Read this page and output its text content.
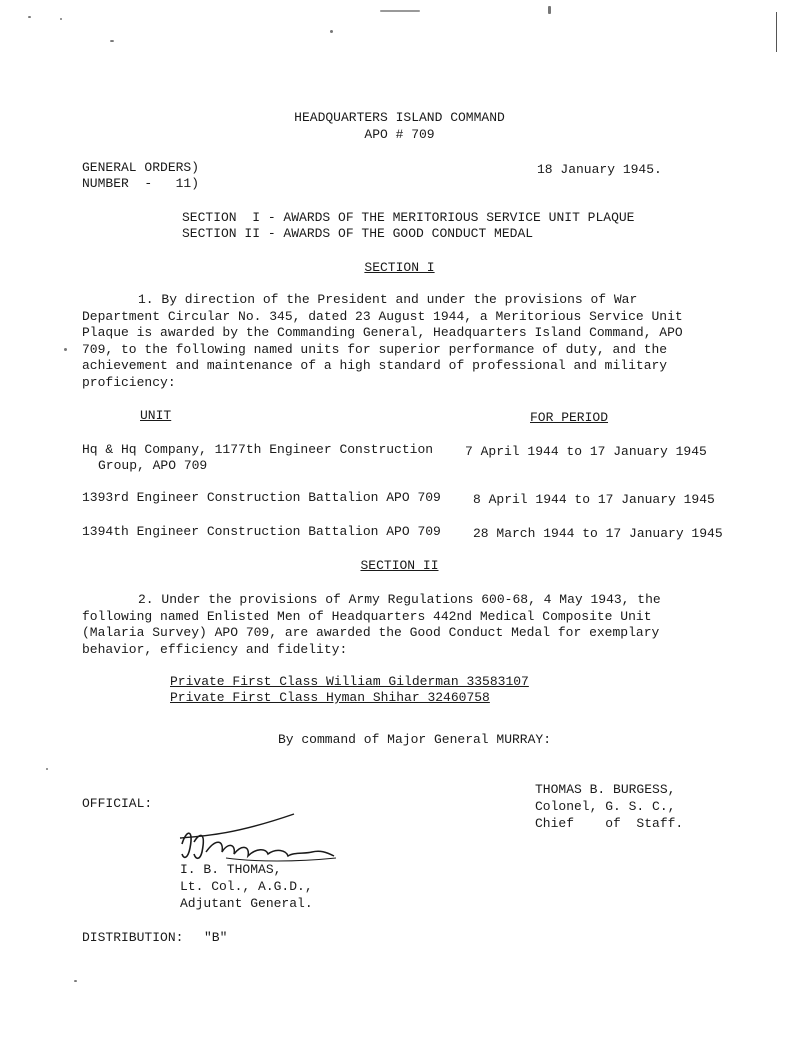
HEADQUARTERS ISLAND COMMAND
APO # 709
GENERAL ORDERS)
NUMBER  -   11)
18 January 1945.
SECTION  I - AWARDS OF THE MERITORIOUS SERVICE UNIT PLAQUE
SECTION II - AWARDS OF THE GOOD CONDUCT MEDAL
SECTION I
1. By direction of the President and under the provisions of War Department Circular No. 345, dated 23 August 1944, a Meritorious Service Unit Plaque is awarded by the Commanding General, Headquarters Island Command, APO 709, to the following named units for superior performance of duty, and the achievement and maintenance of a high standard of professional and military proficiency:
UNIT	FOR PERIOD
Hq & Hq Company, 1177th Engineer Construction
Group, APO 709
7 April 1944 to 17 January 1945
1393rd Engineer Construction Battalion APO 709 8 April 1944 to 17 January 1945
1394th Engineer Construction Battalion APO 709 28 March 1944 to 17 January 1945
SECTION II
2. Under the provisions of Army Regulations 600-68, 4 May 1943, the following named Enlisted Men of Headquarters 442nd Medical Composite Unit (Malaria Survey) APO 709, are awarded the Good Conduct Medal for exemplary behavior, efficiency and fidelity:
Private First Class William Gilderman 33583107
Private First Class Hyman Shihar 32460758
By command of Major General MURRAY:
THOMAS B. BURGESS,
Colonel, G. S. C.,
Chief    of  Staff.
OFFICIAL:
I. B. THOMAS,
Lt. Col., A.G.D.,
Adjutant General.
DISTRIBUTION: "B"
